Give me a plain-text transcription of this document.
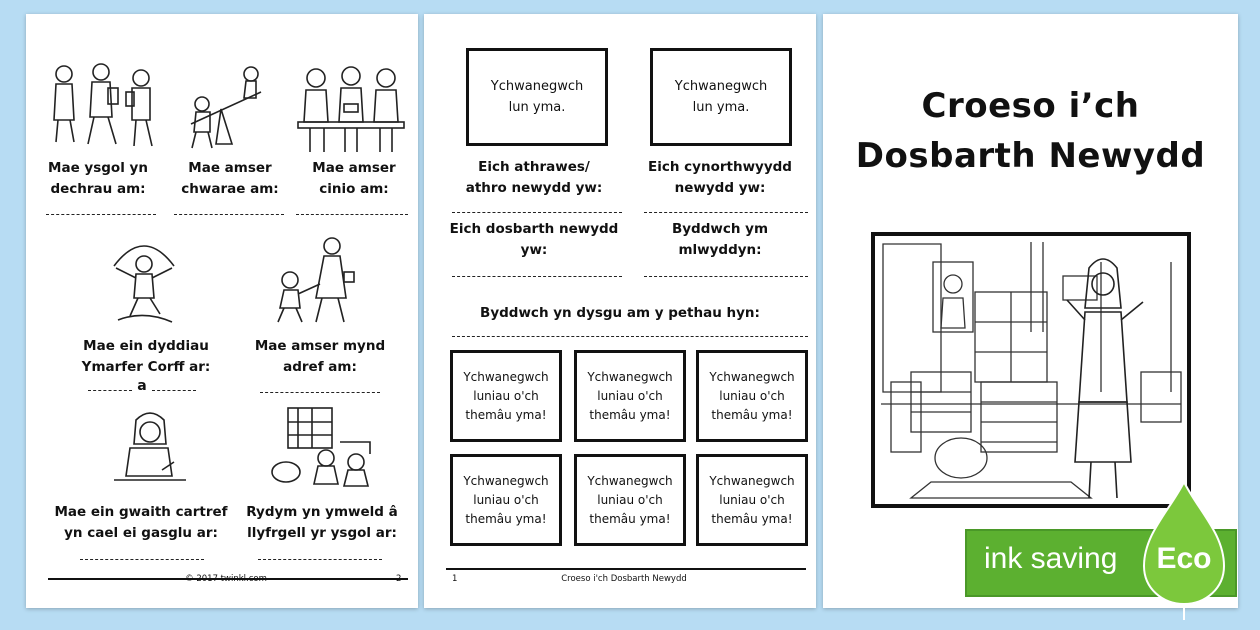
Mae ysgol yn
dechrau am:
Mae amser
chwarae am:
Mae amser
cinio am:
Mae ein dyddiau
Ymarfer Corff ar:
Mae amser mynd
adref am:
a
Mae ein gwaith cartref
yn cael ei gasglu ar:
Rydym yn ymweld â
llyfrgell yr ysgol ar:
© 2017 twinkl.com	2
Ychwanegwch
lun yma.
Ychwanegwch
lun yma.
Eich athrawes/
athro newydd yw:
Eich cynorthwyydd
newydd yw:
Eich dosbarth newydd
yw:
Byddwch ym
mlwyddyn:
Byddwch yn dysgu am y pethau hyn:
Ychwanegwch
luniau o'ch
themâu yma!
Ychwanegwch
luniau o'ch
themâu yma!
Ychwanegwch
luniau o'ch
themâu yma!
Ychwanegwch
luniau o'ch
themâu yma!
Ychwanegwch
luniau o'ch
themâu yma!
Ychwanegwch
luniau o'ch
themâu yma!
1	Croeso i'ch Dosbarth Newydd
Croeso i’ch
Dosbarth Newydd
ink saving Eco
